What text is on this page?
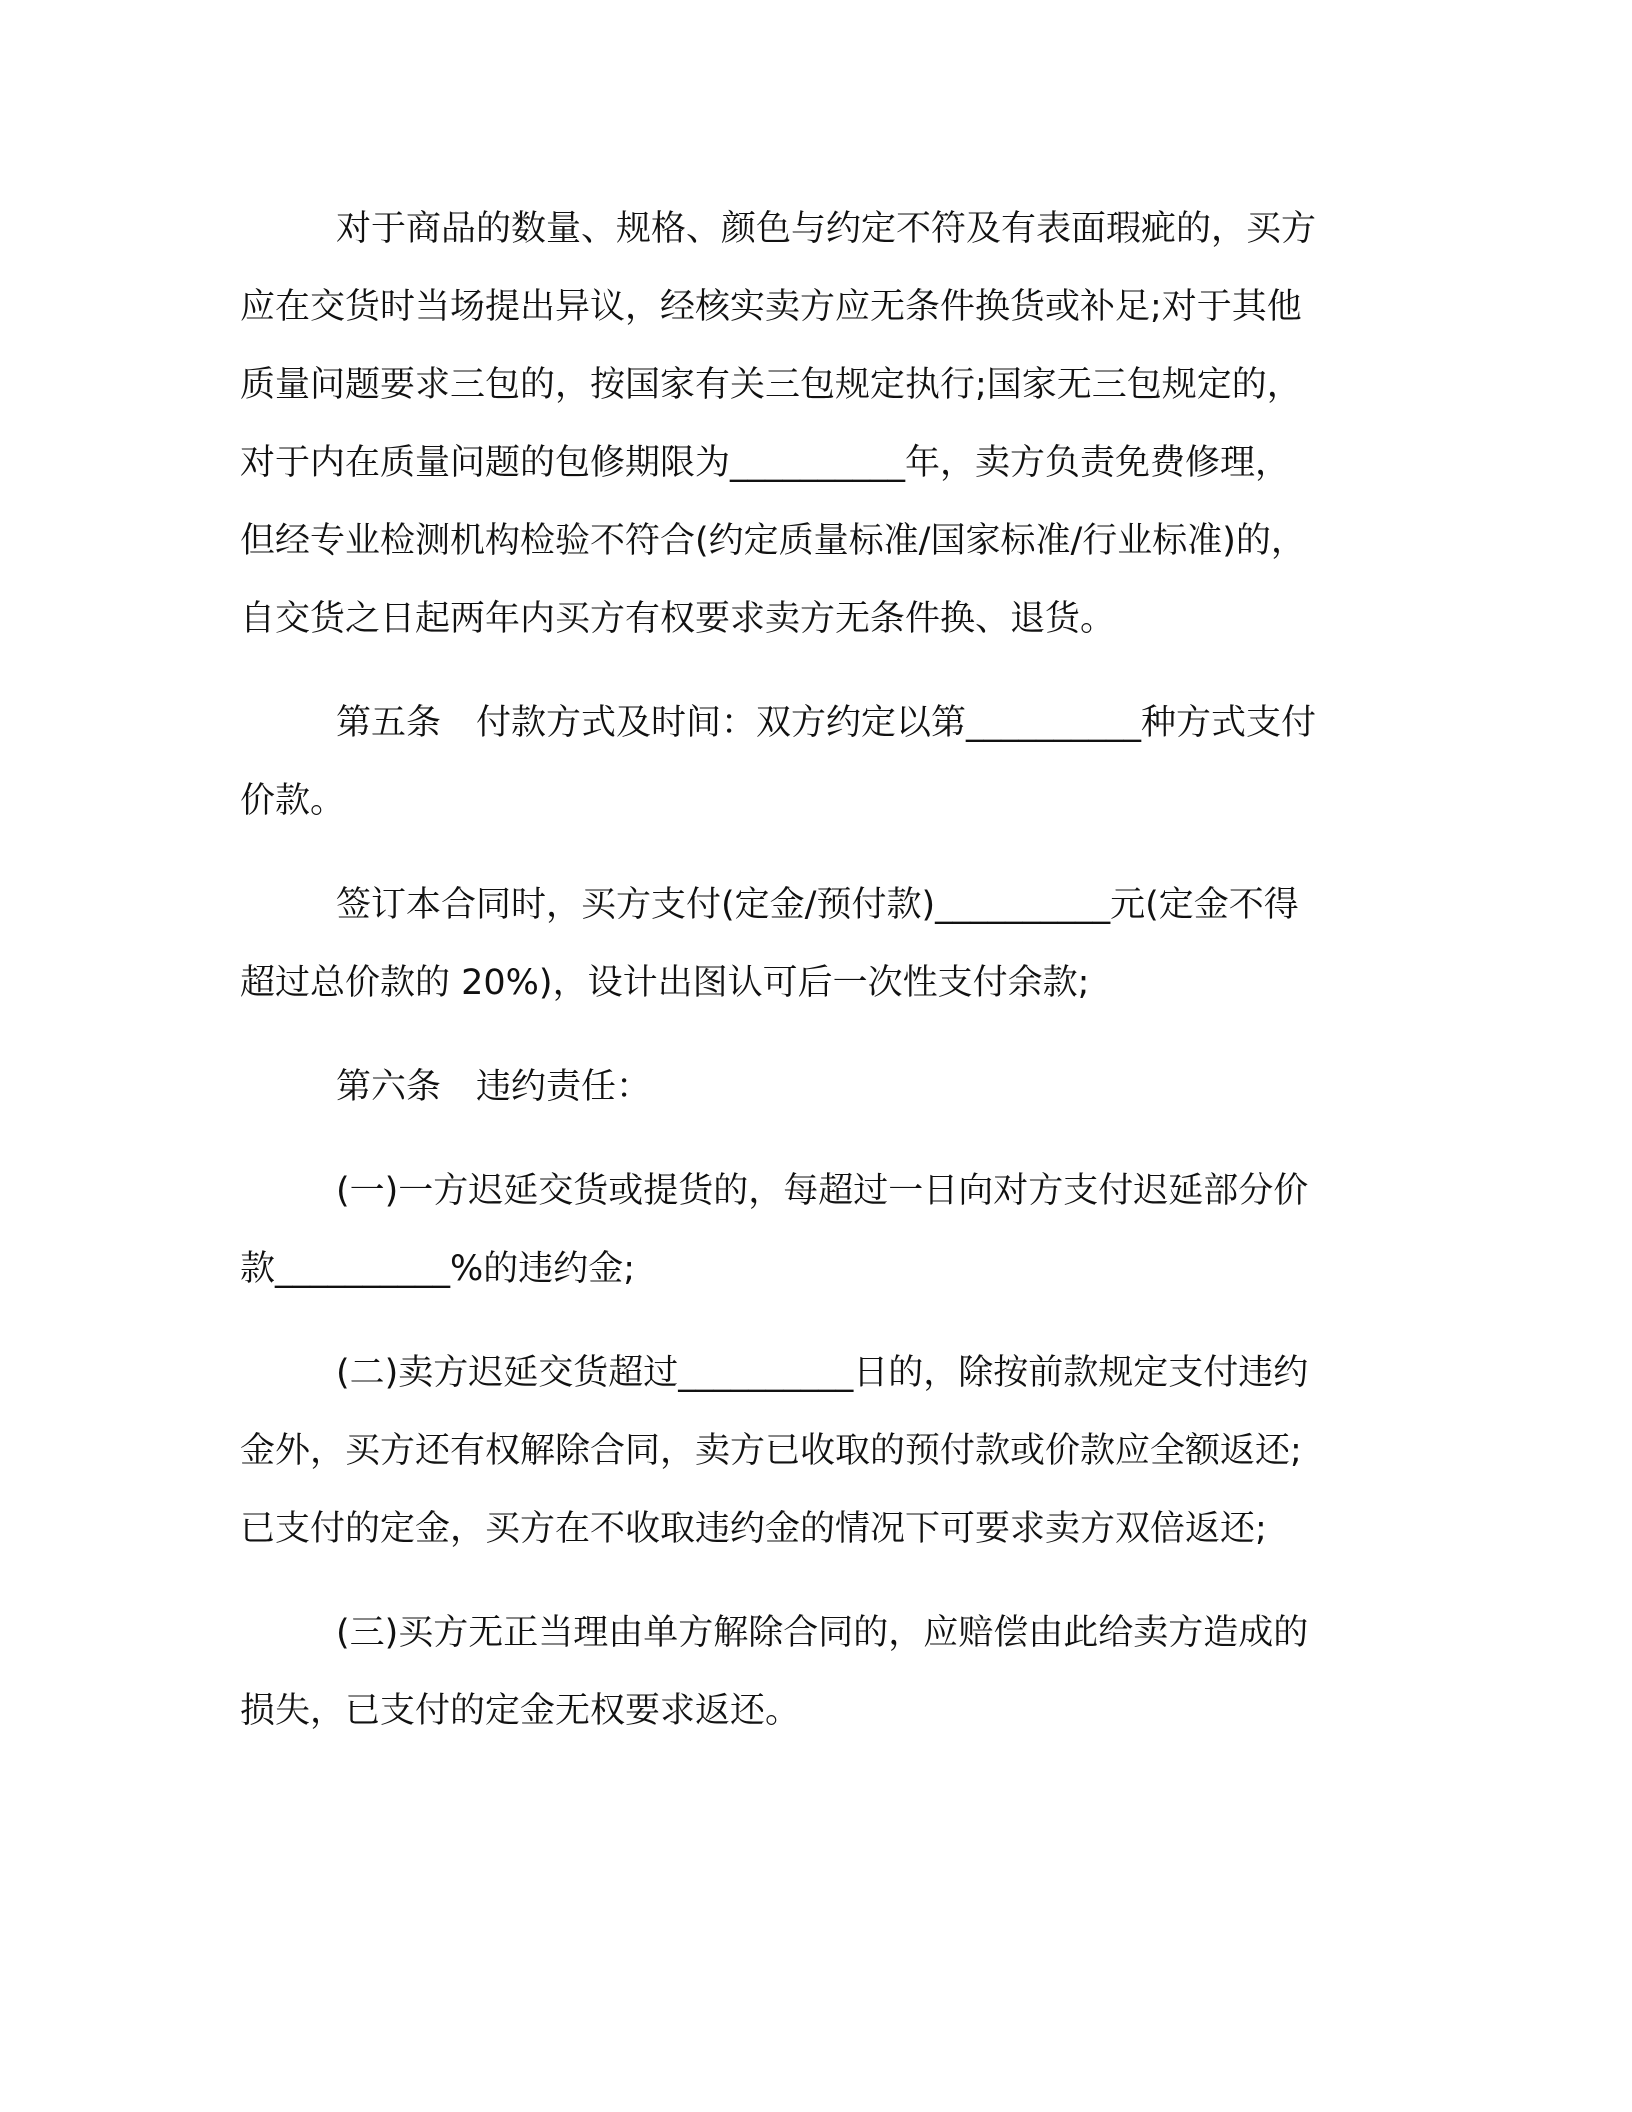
对于商品的数量、规格、颜色与约定不符及有表面瑕疵的，买方
应在交货时当场提出异议，经核实卖方应无条件换货或补足;对于其他
质量问题要求三包的，按国家有关三包规定执行;国家无三包规定的，
对于内在质量问题的包修期限为__________年，卖方负责免费修理，
但经专业检测机构检验不符合(约定质量标准/国家标准/行业标准)的，
自交货之日起两年内买方有权要求卖方无条件换、退货。
第五条　付款方式及时间：双方约定以第__________种方式支付
价款。
签订本合同时，买方支付(定金/预付款)__________元(定金不得
超过总价款的 20%)，设计出图认可后一次性支付余款;
第六条　违约责任：
(一)一方迟延交货或提货的，每超过一日向对方支付迟延部分价
款__________%的违约金;
(二)卖方迟延交货超过__________日的，除按前款规定支付违约
金外，买方还有权解除合同，卖方已收取的预付款或价款应全额返还;
已支付的定金，买方在不收取违约金的情况下可要求卖方双倍返还;
(三)买方无正当理由单方解除合同的，应赔偿由此给卖方造成的
损失，已支付的定金无权要求返还。
